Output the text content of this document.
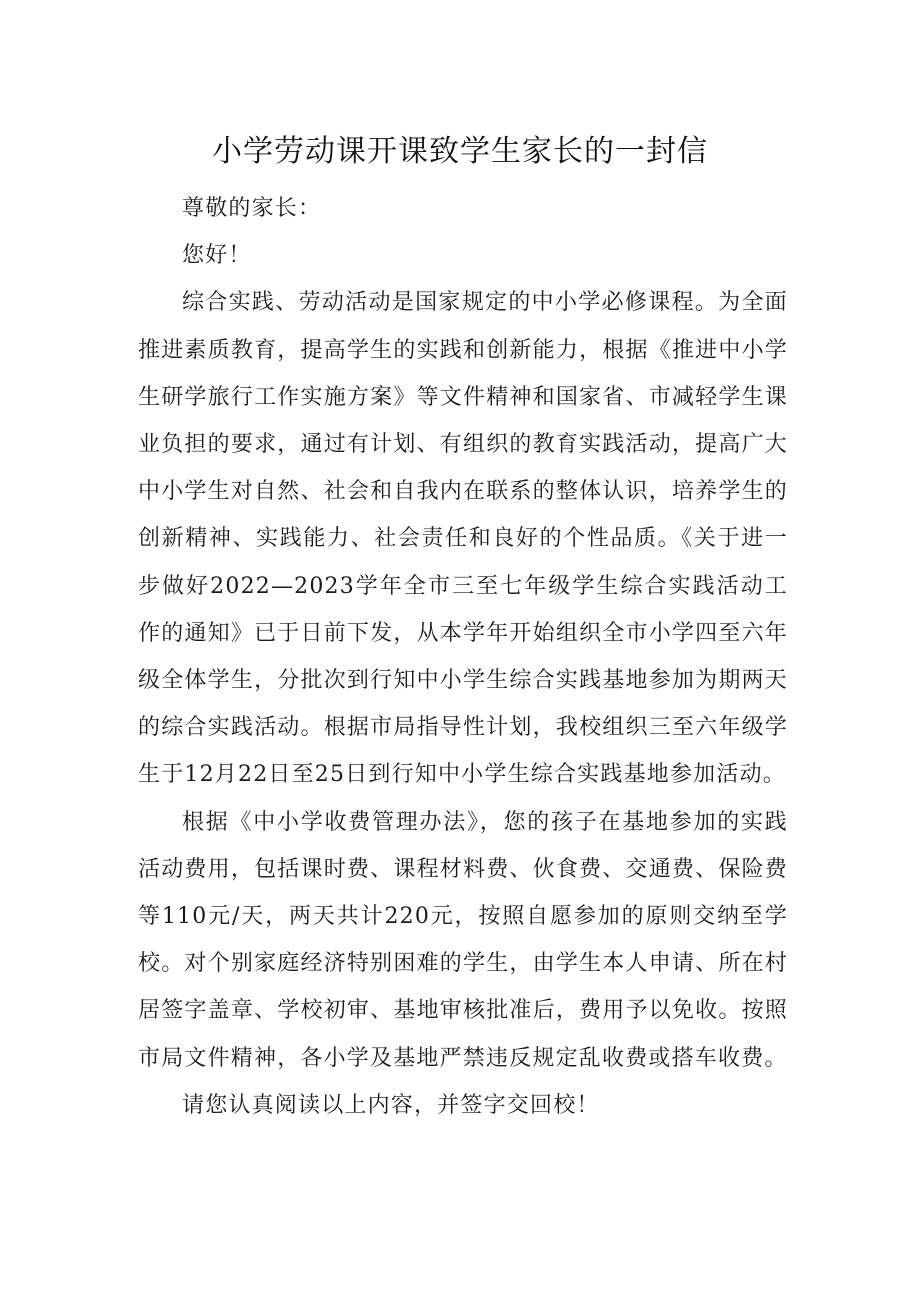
小学劳动课开课致学生家长的一封信

尊敬的家长：

您好！

综合实践、劳动活动是国家规定的中小学必修课程。为全面推进素质教育，提高学生的实践和创新能力，根据《推进中小学生研学旅行工作实施方案》等文件精神和国家省、市减轻学生课业负担的要求，通过有计划、有组织的教育实践活动，提高广大中小学生对自然、社会和自我内在联系的整体认识，培养学生的创新精神、实践能力、社会责任和良好的个性品质。《关于进一步做好2022—2023学年全市三至七年级学生综合实践活动工作的通知》已于日前下发，从本学年开始组织全市小学四至六年级全体学生，分批次到行知中小学生综合实践基地参加为期两天的综合实践活动。根据市局指导性计划，我校组织三至六年级学生于12月22日至25日到行知中小学生综合实践基地参加活动。

根据《中小学收费管理办法》，您的孩子在基地参加的实践活动费用，包括课时费、课程材料费、伙食费、交通费、保险费等110元/天，两天共计220元，按照自愿参加的原则交纳至学校。对个别家庭经济特别困难的学生，由学生本人申请、所在村居签字盖章、学校初审、基地审核批准后，费用予以免收。按照市局文件精神，各小学及基地严禁违反规定乱收费或搭车收费。

请您认真阅读以上内容，并签字交回校！
